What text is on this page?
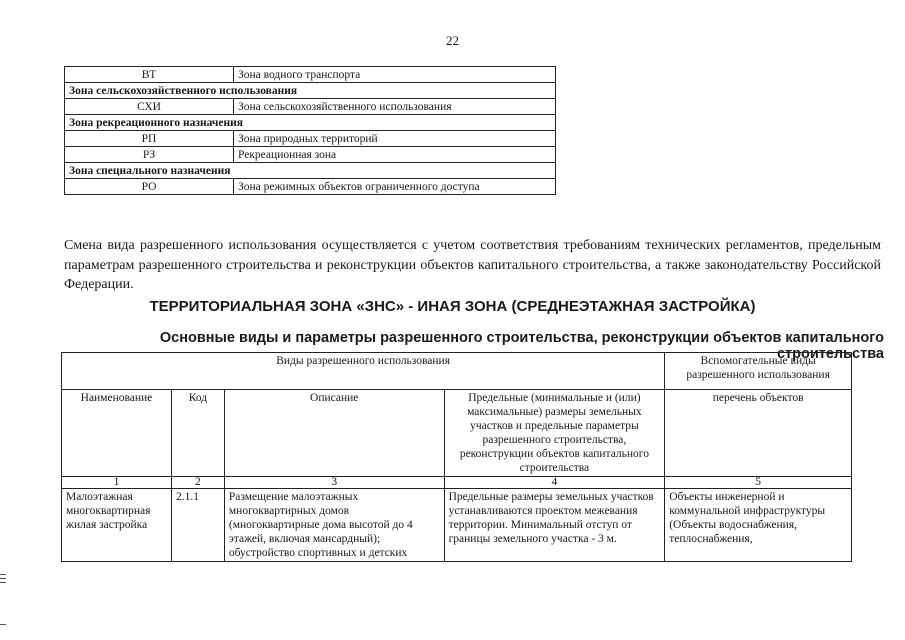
22
ВТ	Зона водного транспорта
Зона сельскохозяйственного использования	
СХИ	Зона сельскохозяйственного использования
Зона рекреационного назначения	
РП	Зона природных территорий
РЗ	Рекреационная зона
Зона специального назначения	
РО	Зона режимных объектов ограниченного доступа
Смена вида разрешенного использования осуществляется с учетом соответствия требованиям технических регламентов, предельным параметрам разрешенного строительства и реконструкции объектов капитального строительства, а также законодательству Российской Федерации.
ТЕРРИТОРИАЛЬНАЯ ЗОНА «ЗНС» - ИНАЯ ЗОНА (СРЕДНЕЭТАЖНАЯ ЗАСТРОЙКА)
Основные виды и параметры разрешенного строительства, реконструкции объектов капитального строительства
Виды разрешенного использования				Вспомогательные виды разрешенного использования
Наименование	Код	Описание	Предельные (минимальные и (или) максимальные) размеры земельных участков и предельные параметры разрешенного строительства, реконструкции объектов капитального строительства	перечень объектов
1	2	3	4	5
Малоэтажная многоквартирная жилая застройка	2.1.1	Размещение малоэтажных многоквартирных домов (многоквартирные дома высотой до 4 этажей, включая мансардный); обустройство спортивных и детских	Предельные размеры земельных участков устанавливаются проектом межевания территории. Минимальный отступ от границы земельного участка - 3 м.	Объекты инженерной и коммунальной инфраструктуры (Объекты водоснабжения, теплоснабжения,
